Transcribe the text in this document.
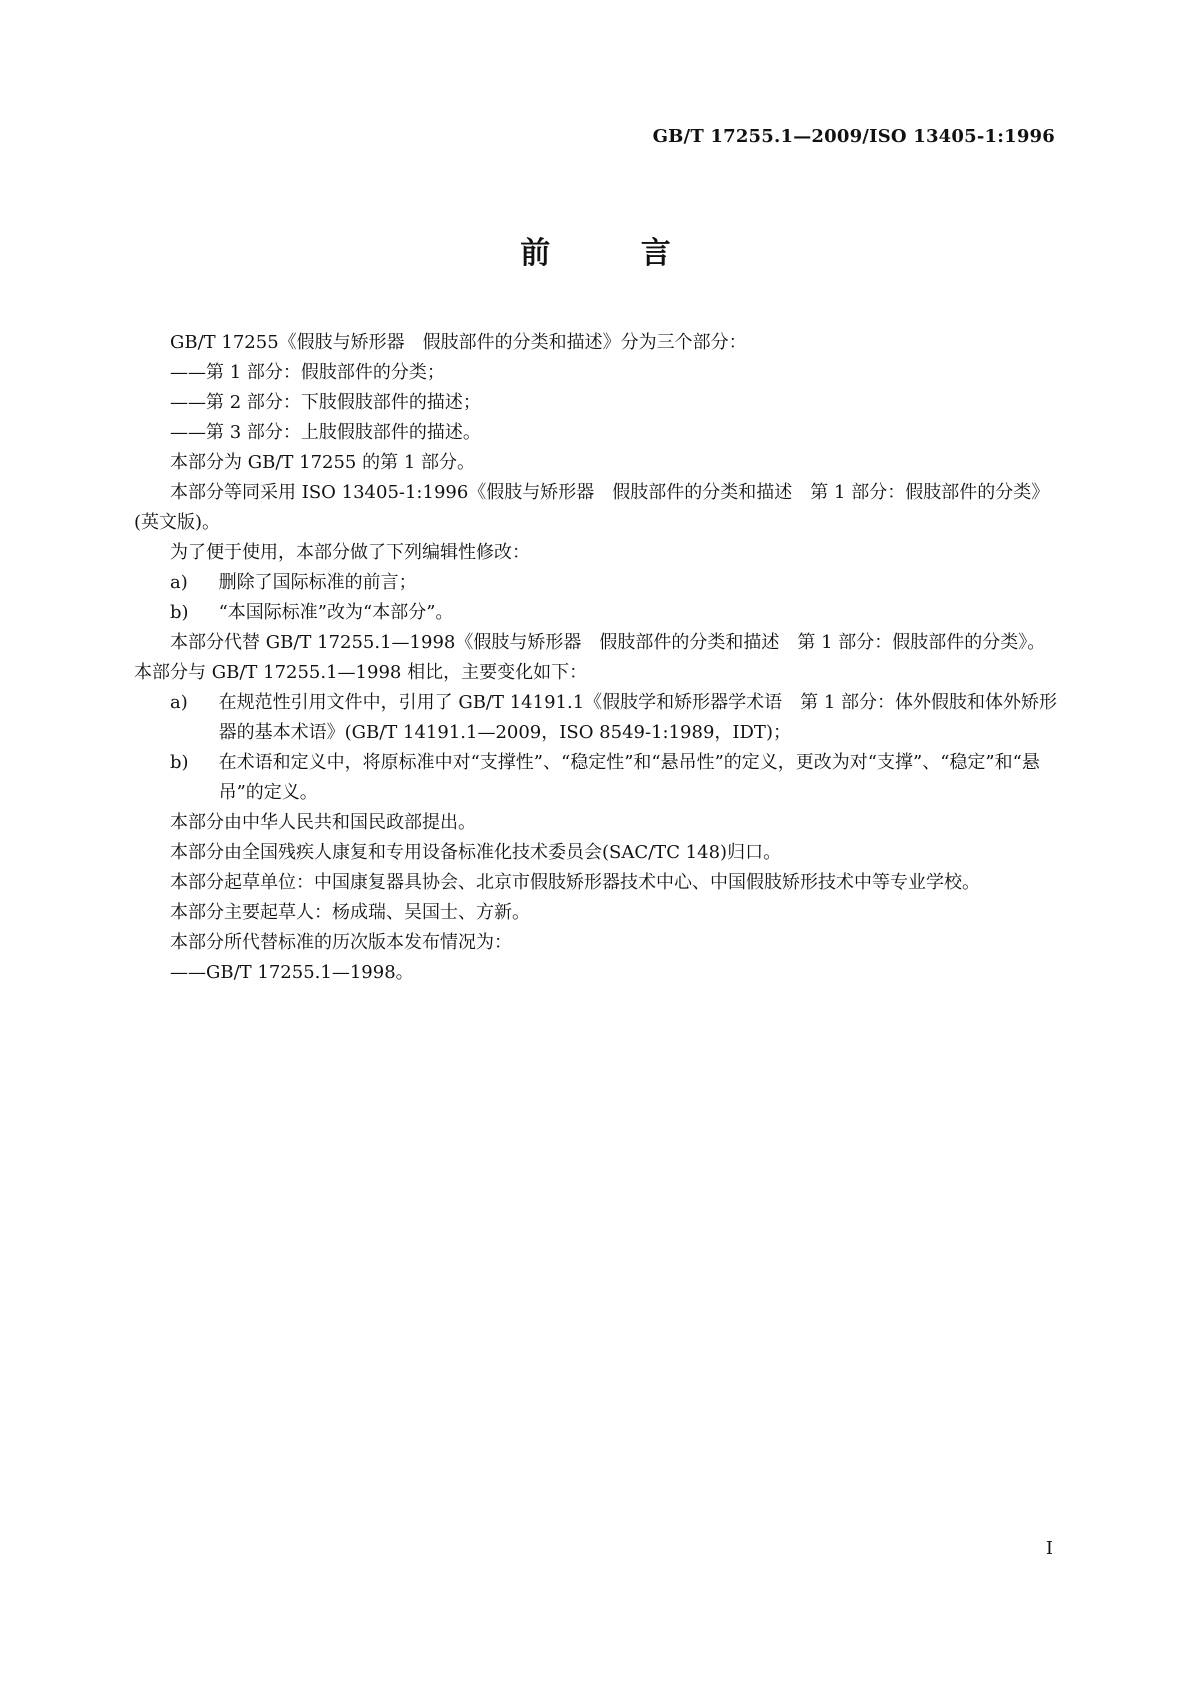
GB/T 17255.1—2009/ISO 13405-1:1996
前 言

GB/T 17255《假肢与矫形器　假肢部件的分类和描述》分为三个部分：

——第 1 部分：假肢部件的分类；

——第 2 部分：下肢假肢部件的描述；

——第 3 部分：上肢假肢部件的描述。

本部分为 GB/T 17255 的第 1 部分。

本部分等同采用 ISO 13405-1:1996《假肢与矫形器　假肢部件的分类和描述　第 1 部分：假肢部件的分类》(英文版)。

为了便于使用，本部分做了下列编辑性修改：

a) 删除了国际标准的前言；
b) “本国际标准”改为“本部分”。

本部分代替 GB/T 17255.1—1998《假肢与矫形器　假肢部件的分类和描述　第 1 部分：假肢部件的分类》。本部分与 GB/T 17255.1—1998 相比，主要变化如下：

a) 在规范性引用文件中，引用了 GB/T 14191.1《假肢学和矫形器学术语　第 1 部分：体外假肢和体外矫形器的基本术语》(GB/T 14191.1—2009，ISO 8549-1:1989，IDT)；
b) 在术语和定义中，将原标准中对“支撑性”、“稳定性”和“悬吊性”的定义，更改为对“支撑”、“稳定”和“悬吊”的定义。

本部分由中华人民共和国民政部提出。

本部分由全国残疾人康复和专用设备标准化技术委员会(SAC/TC 148)归口。

本部分起草单位：中国康复器具协会、北京市假肢矫形器技术中心、中国假肢矫形技术中等专业学校。

本部分主要起草人：杨成瑞、吴国士、方新。

本部分所代替标准的历次版本发布情况为：

——GB/T 17255.1—1998。

I
